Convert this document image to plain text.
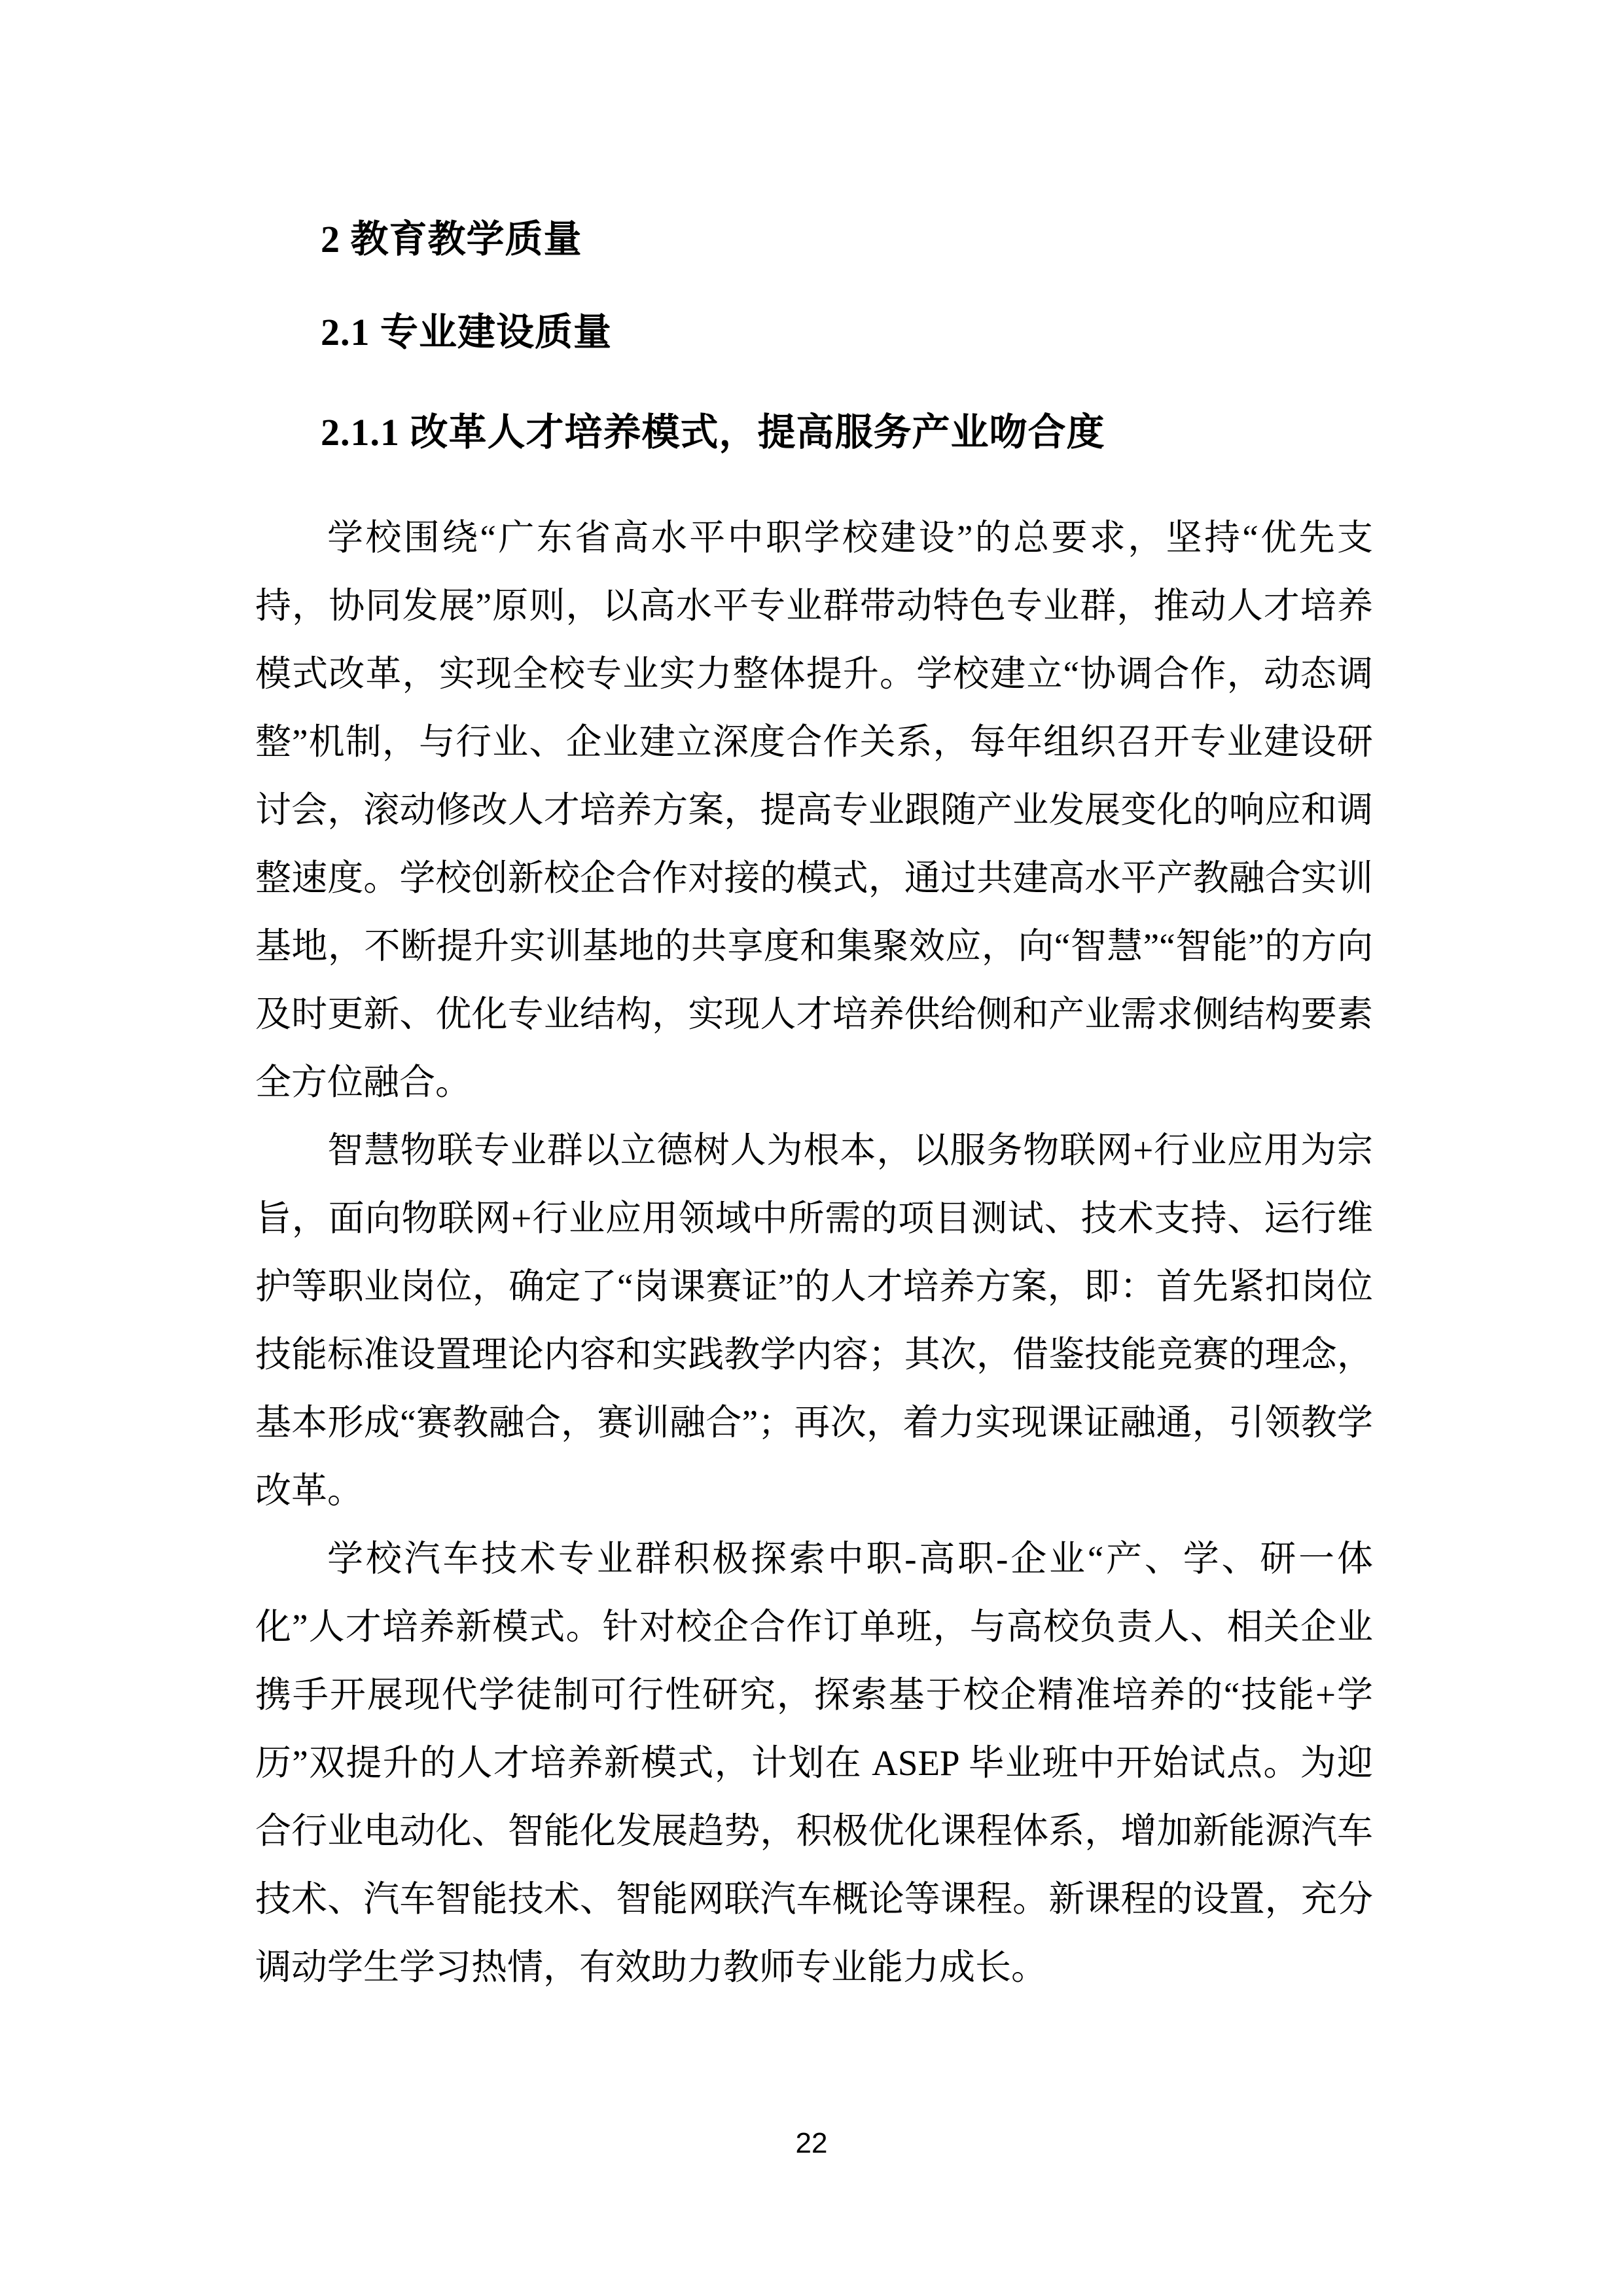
2 教育教学质量
2.1 专业建设质量
2.1.1 改革人才培养模式，提高服务产业吻合度

学校围绕“广东省高水平中职学校建设”的总要求，坚持“优先支持，协同发展”原则，以高水平专业群带动特色专业群，推动人才培养模式改革，实现全校专业实力整体提升。学校建立“协调合作，动态调整”机制，与行业、企业建立深度合作关系，每年组织召开专业建设研讨会，滚动修改人才培养方案，提高专业跟随产业发展变化的响应和调整速度。学校创新校企合作对接的模式，通过共建高水平产教融合实训基地，不断提升实训基地的共享度和集聚效应，向“智慧”“智能”的方向及时更新、优化专业结构，实现人才培养供给侧和产业需求侧结构要素全方位融合。

智慧物联专业群以立德树人为根本，以服务物联网+行业应用为宗旨，面向物联网+行业应用领域中所需的项目测试、技术支持、运行维护等职业岗位，确定了“岗课赛证”的人才培养方案，即：首先紧扣岗位技能标准设置理论内容和实践教学内容；其次，借鉴技能竞赛的理念，基本形成“赛教融合，赛训融合”；再次，着力实现课证融通，引领教学改革。

学校汽车技术专业群积极探索中职-高职-企业“产、学、研一体化”人才培养新模式。针对校企合作订单班，与高校负责人、相关企业携手开展现代学徒制可行性研究，探索基于校企精准培养的“技能+学历”双提升的人才培养新模式，计划在 ASEP 毕业班中开始试点。为迎合行业电动化、智能化发展趋势，积极优化课程体系，增加新能源汽车技术、汽车智能技术、智能网联汽车概论等课程。新课程的设置，充分调动学生学习热情，有效助力教师专业能力成长。

22
